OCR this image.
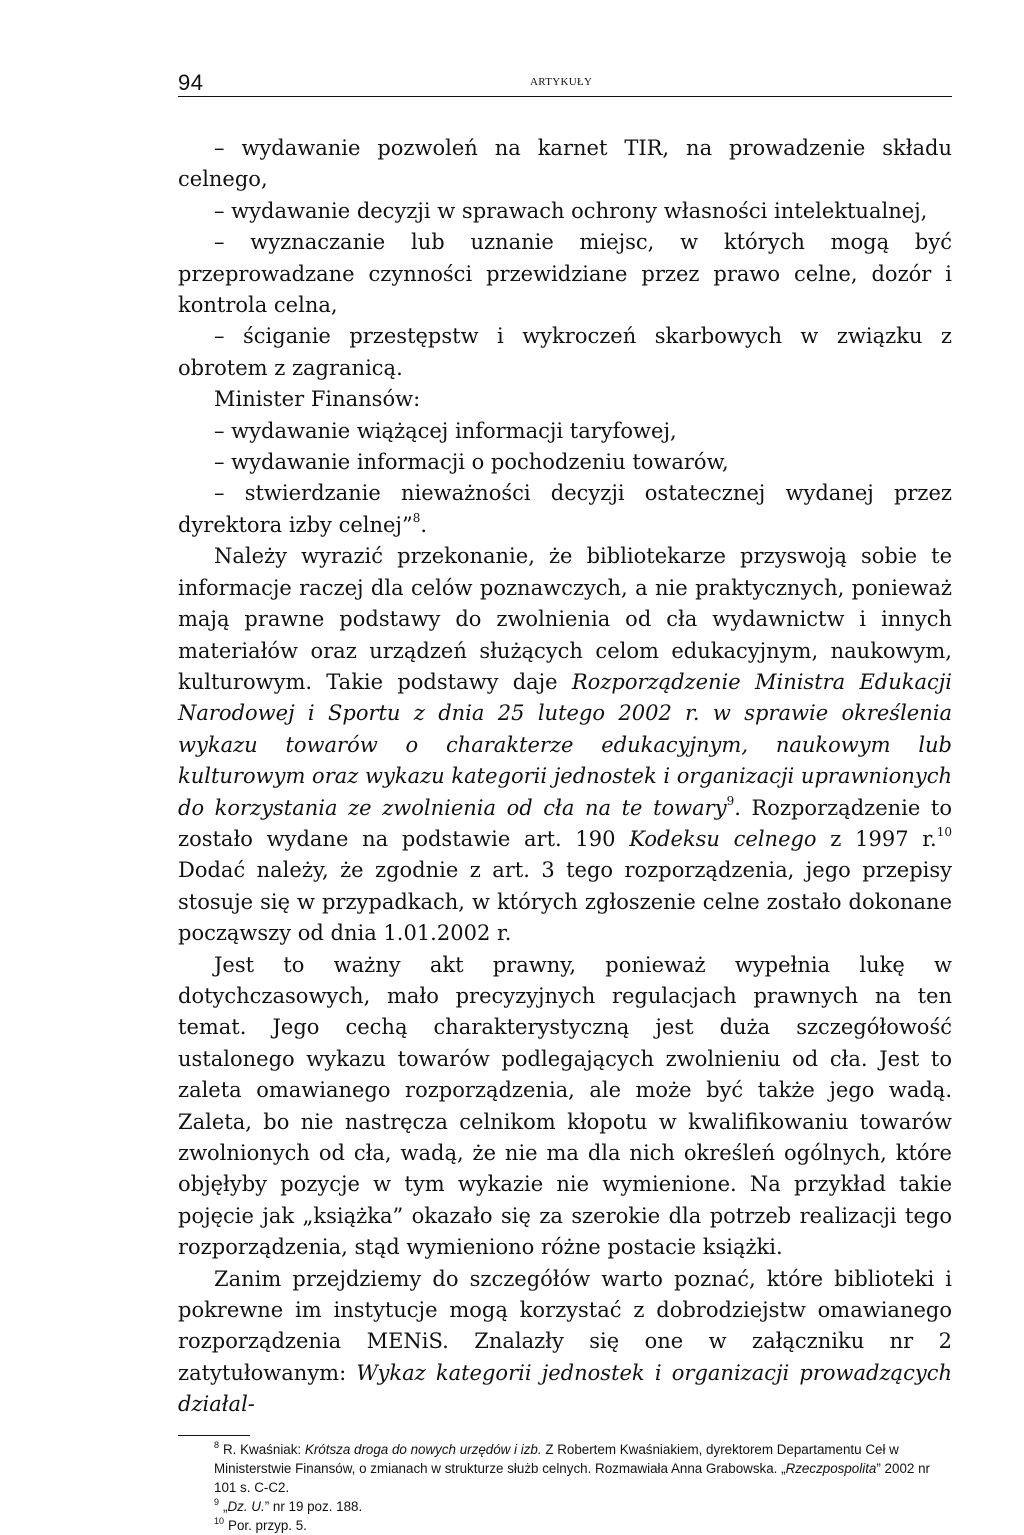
94	ARTYKUŁY

– wydawanie pozwoleń na karnet TIR, na prowadzenie składu celnego,

– wydawanie decyzji w sprawach ochrony własności intelektualnej,

– wyznaczanie lub uznanie miejsc, w których mogą być przeprowadzane czynności przewidziane przez prawo celne, dozór i kontrola celna,

– ściganie przestępstw i wykroczeń skarbowych w związku z obrotem z zagranicą.

Minister Finansów:

– wydawanie wiążącej informacji taryfowej,

– wydawanie informacji o pochodzeniu towarów,

– stwierdzanie nieważności decyzji ostatecznej wydanej przez dyrektora izby celnej”$^8$.

Należy wyrazić przekonanie, że bibliotekarze przyswoją sobie te informacje raczej dla celów poznawczych, a nie praktycznych, ponieważ mają prawne podstawy do zwolnienia od cła wydawnictw i innych materiałów oraz urządzeń służących celom edukacyjnym, naukowym, kulturowym. Takie podstawy daje Rozporządzenie Ministra Edukacji Narodowej i Sportu z dnia 25 lutego 2002 r. w sprawie określenia wykazu towarów o charakterze edukacyjnym, naukowym lub kulturowym oraz wykazu kategorii jednostek i organizacji uprawnionych do korzystania ze zwolnienia od cła na te towary$^9$. Rozporządzenie to zostało wydane na podstawie art. 190 Kodeksu celnego z 1997 r.$^{10}$ Dodać należy, że zgodnie z art. 3 tego rozporządzenia, jego przepisy stosuje się w przypadkach, w których zgłoszenie celne zostało dokonane począwszy od dnia 1.01.2002 r.

Jest to ważny akt prawny, ponieważ wypełnia lukę w dotychczasowych, mało precyzyjnych regulacjach prawnych na ten temat. Jego cechą charakterystyczną jest duża szczegółowość ustalonego wykazu towarów podlegających zwolnieniu od cła. Jest to zaleta omawianego rozporządzenia, ale może być także jego wadą. Zaleta, bo nie nastręcza celnikom kłopotu w kwalifikowaniu towarów zwolnionych od cła, wadą, że nie ma dla nich określeń ogólnych, które objęłyby pozycje w tym wykazie nie wymienione. Na przykład takie pojęcie jak „książka” okazało się za szerokie dla potrzeb realizacji tego rozporządzenia, stąd wymieniono różne postacie książki.

Zanim przejdziemy do szczegółów warto poznać, które biblioteki i pokrewne im instytucje mogą korzystać z dobrodziejstw omawianego rozporządzenia MENiS. Znalazły się one w załączniku nr 2 zatytułowanym: Wykaz kategorii jednostek i organizacji prowadzących działal-

$^8$ R. Kwaśniak: Krótsza droga do nowych urzędów i izb. Z Robertem Kwaśniakiem, dyrektorem Departamentu Ceł w Ministerstwie Finansów, o zmianach w strukturze służb celnych. Rozmawiała Anna Grabowska. „Rzeczpospolita” 2002 nr 101 s. C-C2.

$^9$ „Dz. U.” nr 19 poz. 188.

$^{10}$ Por. przyp. 5.
